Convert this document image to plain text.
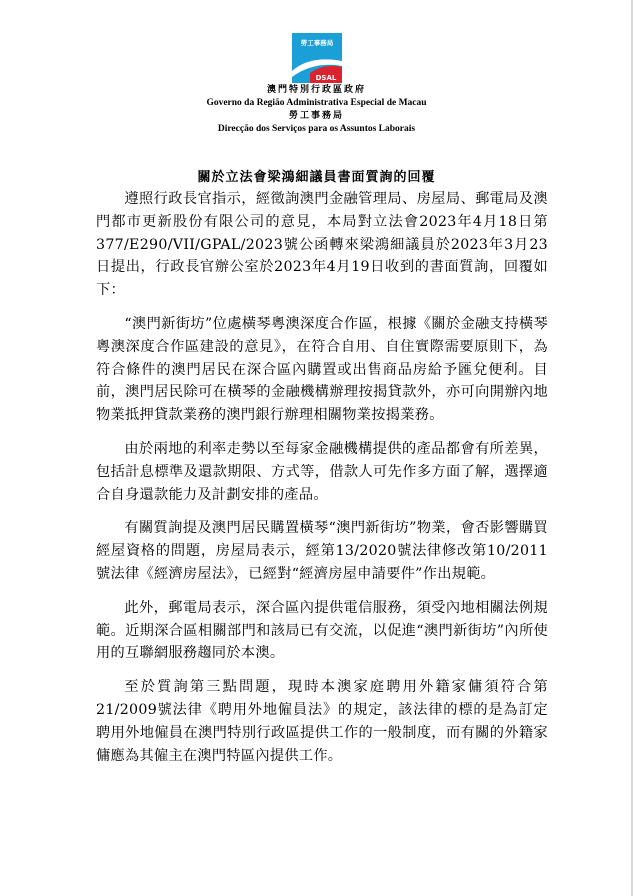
勞工事務局
DSAL
澳門特別行政區政府
Governo da Região Administrativa Especial de Macau
勞工事務局
Direcção dos Serviços para os Assuntos Laborais
關於立法會梁鴻細議員書面質詢的回覆

遵照行政長官指示，經徵詢澳門金融管理局、房屋局、郵電局及澳門都市更新股份有限公司的意見，本局對立法會2023年4月18日第377/E290/VII/GPAL/2023號公函轉來梁鴻細議員於2023年3月23日提出，行政長官辦公室於2023年4月19日收到的書面質詢，回覆如下：

“澳門新街坊”位處橫琴粵澳深度合作區，根據《關於金融支持橫琴粵澳深度合作區建設的意見》，在符合自用、自住實際需要原則下，為符合條件的澳門居民在深合區內購置或出售商品房給予匯兌便利。目前，澳門居民除可在橫琴的金融機構辦理按揭貸款外，亦可向開辦內地物業抵押貸款業務的澳門銀行辦理相關物業按揭業務。

由於兩地的利率走勢以至每家金融機構提供的產品都會有所差異，包括計息標準及還款期限、方式等，借款人可先作多方面了解，選擇適合自身還款能力及計劃安排的產品。

有關質詢提及澳門居民購置橫琴“澳門新街坊”物業，會否影響購買經屋資格的問題，房屋局表示，經第13/2020號法律修改第10/2011號法律《經濟房屋法》，已經對“經濟房屋申請要件”作出規範。

此外，郵電局表示，深合區內提供電信服務，須受內地相關法例規範。近期深合區相關部門和該局已有交流，以促進“澳門新街坊”內所使用的互聯網服務趨同於本澳。

至於質詢第三點問題，現時本澳家庭聘用外籍家傭須符合第21/2009號法律《聘用外地僱員法》的規定，該法律的標的是為訂定聘用外地僱員在澳門特別行政區提供工作的一般制度，而有關的外籍家傭應為其僱主在澳門特區內提供工作。
